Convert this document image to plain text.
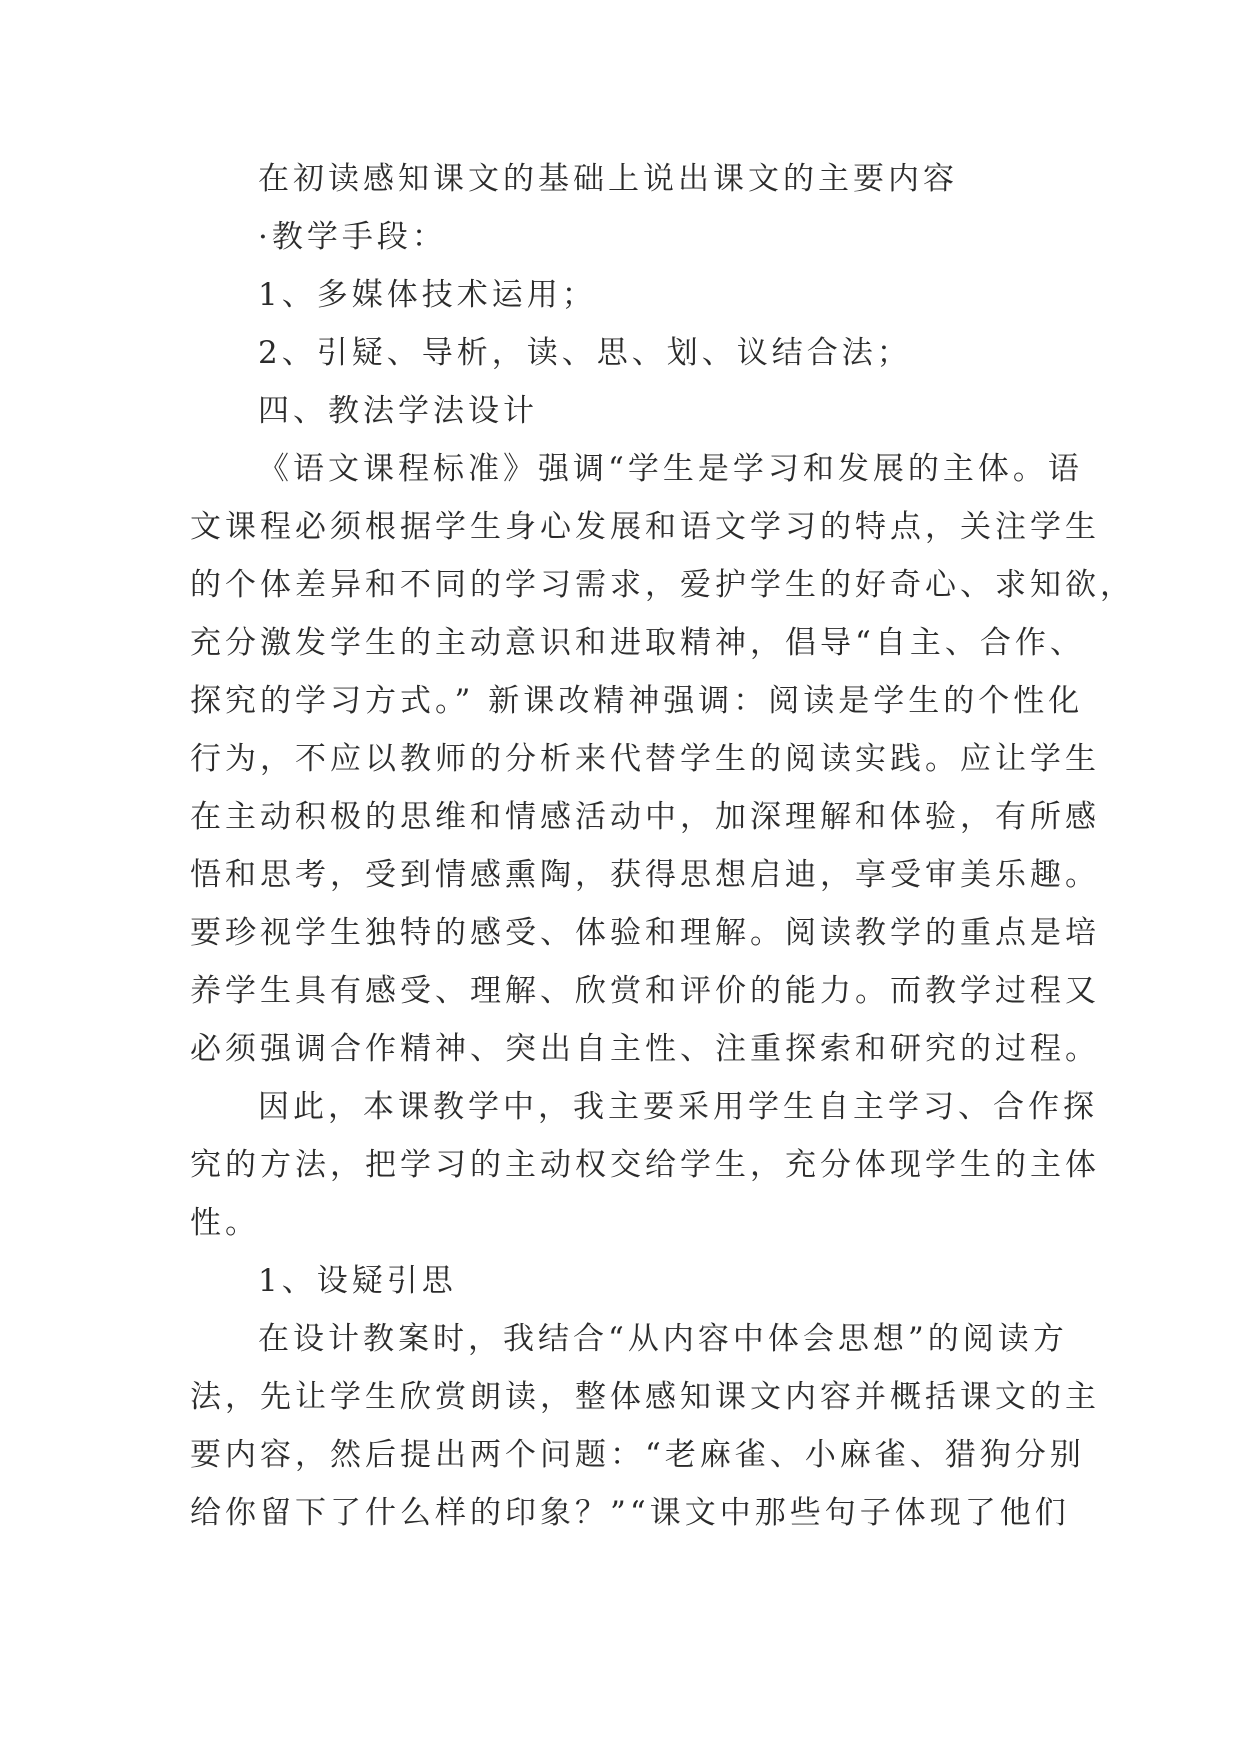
在初读感知课文的基础上说出课文的主要内容
·教学手段：
1、多媒体技术运用；
2、引疑、导析，读、思、划、议结合法；
四、教法学法设计
《语文课程标准》强调“学生是学习和发展的主体。语
文课程必须根据学生身心发展和语文学习的特点，关注学生
的个体差异和不同的学习需求，爱护学生的好奇心、求知欲，
充分激发学生的主动意识和进取精神，倡导“自主、合作、
探究的学习方式。” 新课改精神强调：阅读是学生的个性化
行为，不应以教师的分析来代替学生的阅读实践。应让学生
在主动积极的思维和情感活动中，加深理解和体验，有所感
悟和思考，受到情感熏陶，获得思想启迪，享受审美乐趣。
要珍视学生独特的感受、体验和理解。阅读教学的重点是培
养学生具有感受、理解、欣赏和评价的能力。而教学过程又
必须强调合作精神、突出自主性、注重探索和研究的过程。
因此，本课教学中，我主要采用学生自主学习、合作探
究的方法，把学习的主动权交给学生，充分体现学生的主体
性。
1、设疑引思
在设计教案时，我结合“从内容中体会思想”的阅读方
法，先让学生欣赏朗读，整体感知课文内容并概括课文的主
要内容，然后提出两个问题：“老麻雀、小麻雀、猎狗分别
给你留下了什么样的印象？”“课文中那些句子体现了他们
